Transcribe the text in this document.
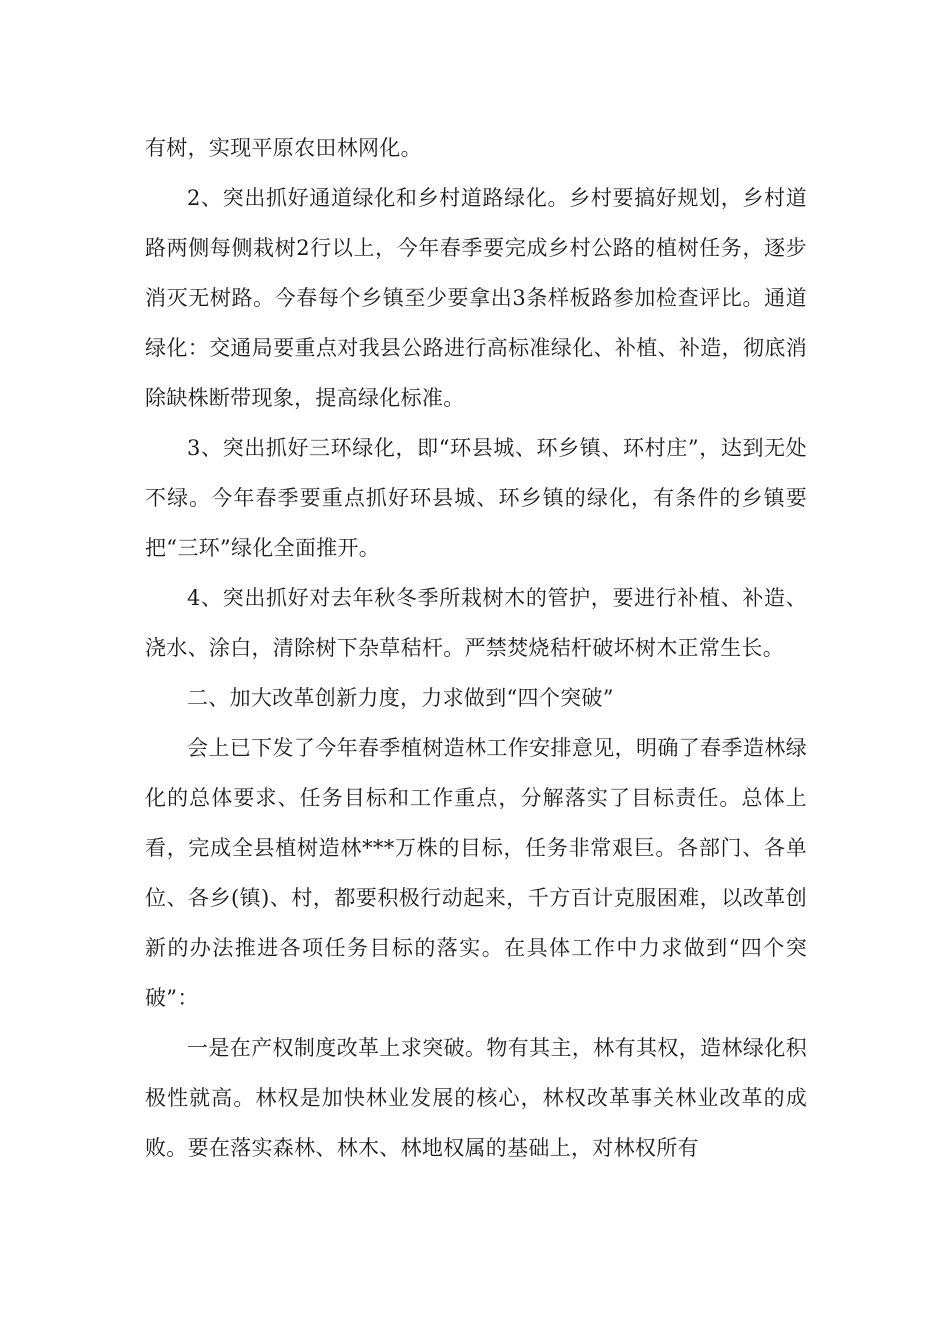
有树，实现平原农田林网化。

2、突出抓好通道绿化和乡村道路绿化。乡村要搞好规划，乡村道路两侧每侧栽树2行以上，今年春季要完成乡村公路的植树任务，逐步消灭无树路。今春每个乡镇至少要拿出3条样板路参加检查评比。通道绿化：交通局要重点对我县公路进行高标准绿化、补植、补造，彻底消除缺株断带现象，提高绿化标准。

3、突出抓好三环绿化，即“环县城、环乡镇、环村庄”，达到无处不绿。今年春季要重点抓好环县城、环乡镇的绿化，有条件的乡镇要把“三环”绿化全面推开。

4、突出抓好对去年秋冬季所栽树木的管护，要进行补植、补造、浇水、涂白，清除树下杂草秸杆。严禁焚烧秸杆破坏树木正常生长。

二、加大改革创新力度，力求做到“四个突破”

会上已下发了今年春季植树造林工作安排意见，明确了春季造林绿化的总体要求、任务目标和工作重点，分解落实了目标责任。总体上看，完成全县植树造林***万株的目标，任务非常艰巨。各部门、各单位、各乡(镇)、村，都要积极行动起来，千方百计克服困难，以改革创新的办法推进各项任务目标的落实。在具体工作中力求做到“四个突破”：

一是在产权制度改革上求突破。物有其主，林有其权，造林绿化积极性就高。林权是加快林业发展的核心，林权改革事关林业改革的成败。要在落实森林、林木、林地权属的基础上，对林权所有
